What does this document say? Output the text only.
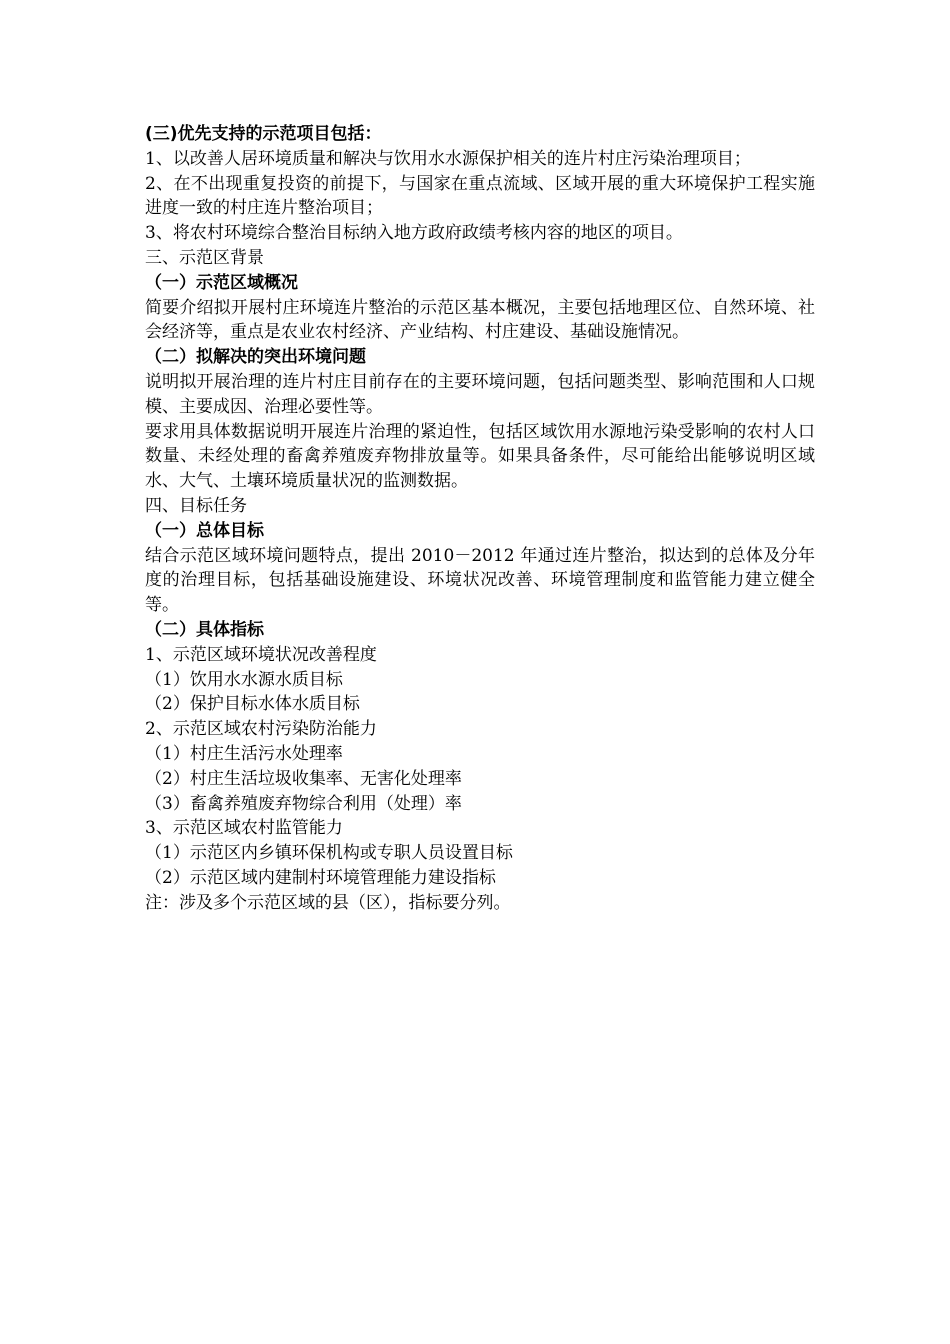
(三)优先支持的示范项目包括：
1、以改善人居环境质量和解决与饮用水水源保护相关的连片村庄污染治理项目；
2、在不出现重复投资的前提下，与国家在重点流域、区域开展的重大环境保护工程实施进度一致的村庄连片整治项目；
3、将农村环境综合整治目标纳入地方政府政绩考核内容的地区的项目。
三、示范区背景
（一）示范区域概况
简要介绍拟开展村庄环境连片整治的示范区基本概况，主要包括地理区位、自然环境、社会经济等，重点是农业农村经济、产业结构、村庄建设、基础设施情况。
（二）拟解决的突出环境问题
说明拟开展治理的连片村庄目前存在的主要环境问题，包括问题类型、影响范围和人口规模、主要成因、治理必要性等。
要求用具体数据说明开展连片治理的紧迫性，包括区域饮用水源地污染受影响的农村人口数量、未经处理的畜禽养殖废弃物排放量等。如果具备条件，尽可能给出能够说明区域水、大气、土壤环境质量状况的监测数据。
四、目标任务
（一）总体目标
结合示范区域环境问题特点，提出 2010－2012 年通过连片整治，拟达到的总体及分年度的治理目标，包括基础设施建设、环境状况改善、环境管理制度和监管能力建立健全等。
（二）具体指标
1、示范区域环境状况改善程度
（1）饮用水水源水质目标
（2）保护目标水体水质目标
2、示范区域农村污染防治能力
（1）村庄生活污水处理率
（2）村庄生活垃圾收集率、无害化处理率
（3）畜禽养殖废弃物综合利用（处理）率
3、示范区域农村监管能力
（1）示范区内乡镇环保机构或专职人员设置目标
（2）示范区域内建制村环境管理能力建设指标
注：涉及多个示范区域的县（区），指标要分列。
